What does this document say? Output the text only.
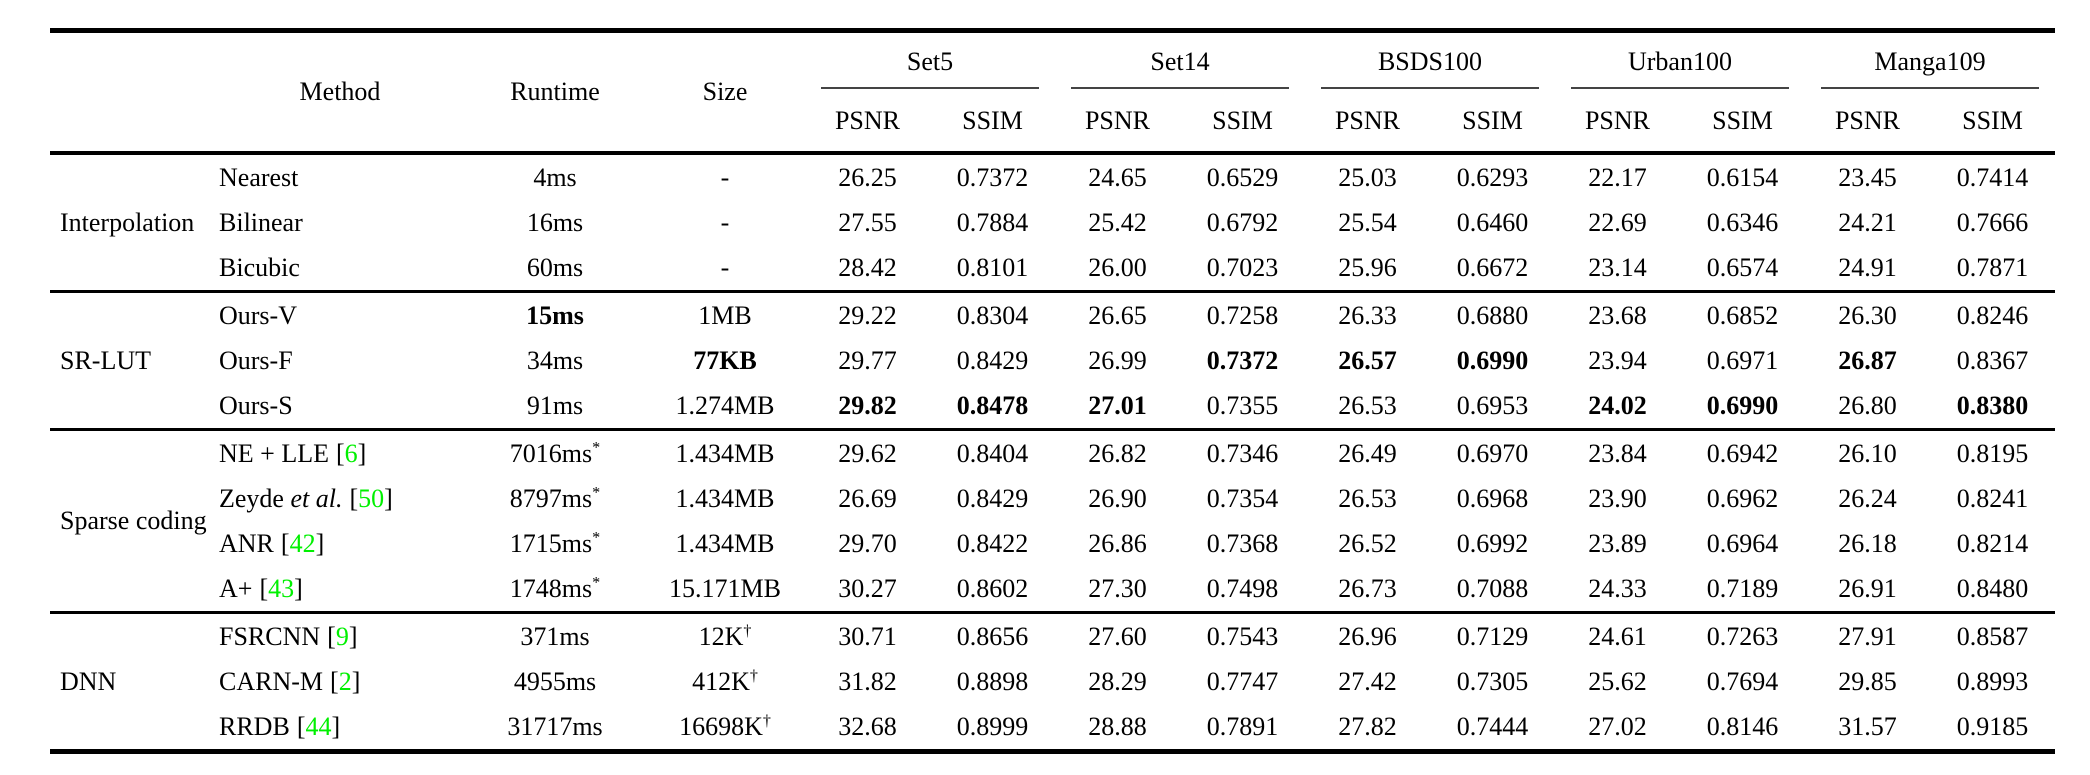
	Method	Runtime	Size	Set5		Set14		BSDS100		Urban100		Manga109	
				PSNR	SSIM	PSNR	SSIM	PSNR	SSIM	PSNR	SSIM	PSNR	SSIM
Interpolation	Nearest	4ms	-	26.25	0.7372	24.65	0.6529	25.03	0.6293	22.17	0.6154	23.45	0.7414
	Bilinear	16ms	-	27.55	0.7884	25.42	0.6792	25.54	0.6460	22.69	0.6346	24.21	0.7666
	Bicubic	60ms	-	28.42	0.8101	26.00	0.7023	25.96	0.6672	23.14	0.6574	24.91	0.7871
SR-LUT	Ours-V	15ms	1MB	29.22	0.8304	26.65	0.7258	26.33	0.6880	23.68	0.6852	26.30	0.8246
	Ours-F	34ms	77KB	29.77	0.8429	26.99	0.7372	26.57	0.6990	23.94	0.6971	26.87	0.8367
	Ours-S	91ms	1.274MB	29.82	0.8478	27.01	0.7355	26.53	0.6953	24.02	0.6990	26.80	0.8380
Sparse coding	NE + LLE [6]	7016ms*	1.434MB	29.62	0.8404	26.82	0.7346	26.49	0.6970	23.84	0.6942	26.10	0.8195
	Zeyde et al. [50]	8797ms*	1.434MB	26.69	0.8429	26.90	0.7354	26.53	0.6968	23.90	0.6962	26.24	0.8241
	ANR [42]	1715ms*	1.434MB	29.70	0.8422	26.86	0.7368	26.52	0.6992	23.89	0.6964	26.18	0.8214
	A+ [43]	1748ms*	15.171MB	30.27	0.8602	27.30	0.7498	26.73	0.7088	24.33	0.7189	26.91	0.8480
DNN	FSRCNN [9]	371ms	12K†	30.71	0.8656	27.60	0.7543	26.96	0.7129	24.61	0.7263	27.91	0.8587
	CARN-M [2]	4955ms	412K†	31.82	0.8898	28.29	0.7747	27.42	0.7305	25.62	0.7694	29.85	0.8993
	RRDB [44]	31717ms	16698K†	32.68	0.8999	28.88	0.7891	27.82	0.7444	27.02	0.8146	31.57	0.9185
